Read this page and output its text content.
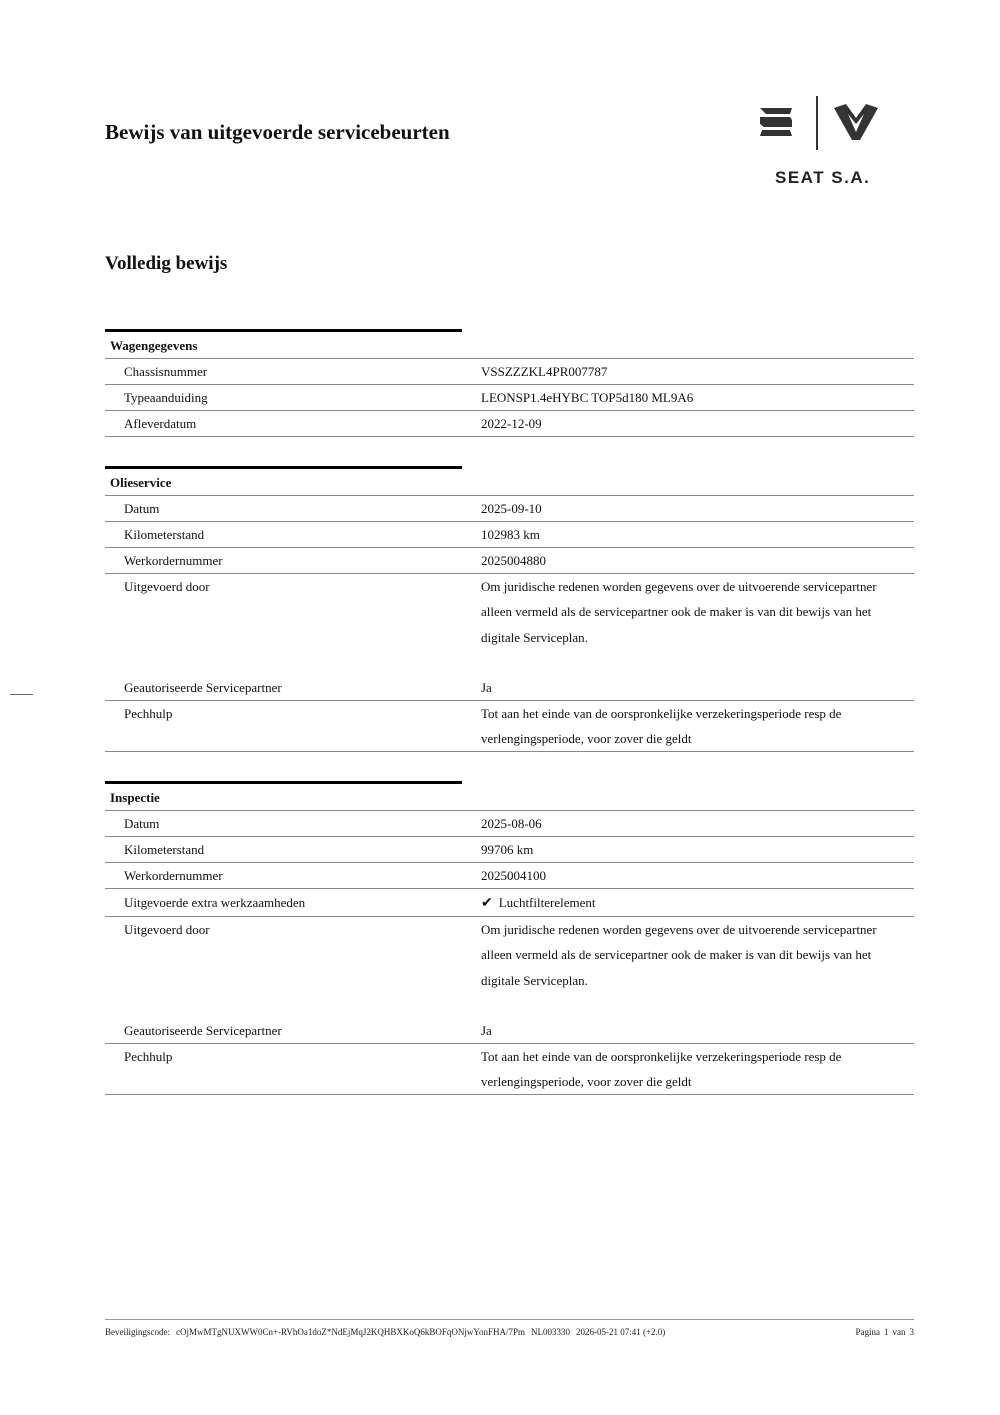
Bewijs van uitgevoerde servicebeurten
SEAT S.A.
Volledig bewijs
Wagengegevens
Chassisnummer	VSSZZZKL4PR007787
Typeaanduiding	LEONSP1.4eHYBC TOP5d180 ML9A6
Afleverdatum	2022-12-09
Olieservice
Datum	2025-09-10
Kilometerstand	102983 km
Werkordernummer	2025004880
Uitgevoerd door	Om juridische redenen worden gegevens over de uitvoerende servicepartner alleen vermeld als de servicepartner ook de maker is van dit bewijs van het digitale Serviceplan.
Geautoriseerde Servicepartner	Ja
Pechhulp	Tot aan het einde van de oorspronkelijke verzekeringsperiode resp de verlengingsperiode, voor zover die geldt
Inspectie
Datum	2025-08-06
Kilometerstand	99706 km
Werkordernummer	2025004100
Uitgevoerde extra werkzaamheden	✔ Luchtfilterelement
Uitgevoerd door	Om juridische redenen worden gegevens over de uitvoerende servicepartner alleen vermeld als de servicepartner ook de maker is van dit bewijs van het digitale Serviceplan.
Geautoriseerde Servicepartner	Ja
Pechhulp	Tot aan het einde van de oorspronkelijke verzekeringsperiode resp de verlengingsperiode, voor zover die geldt
Beveiligingscode: cOjMwMTgNUXWW0Cn+-RVhOa1doZ*NdEjMqJ2KQHBXKoQ6kBOFqONjwYonFHA/7Pm NL003330 2026-05-21 07:41 (+2.0)	Pagina 1 van 3
